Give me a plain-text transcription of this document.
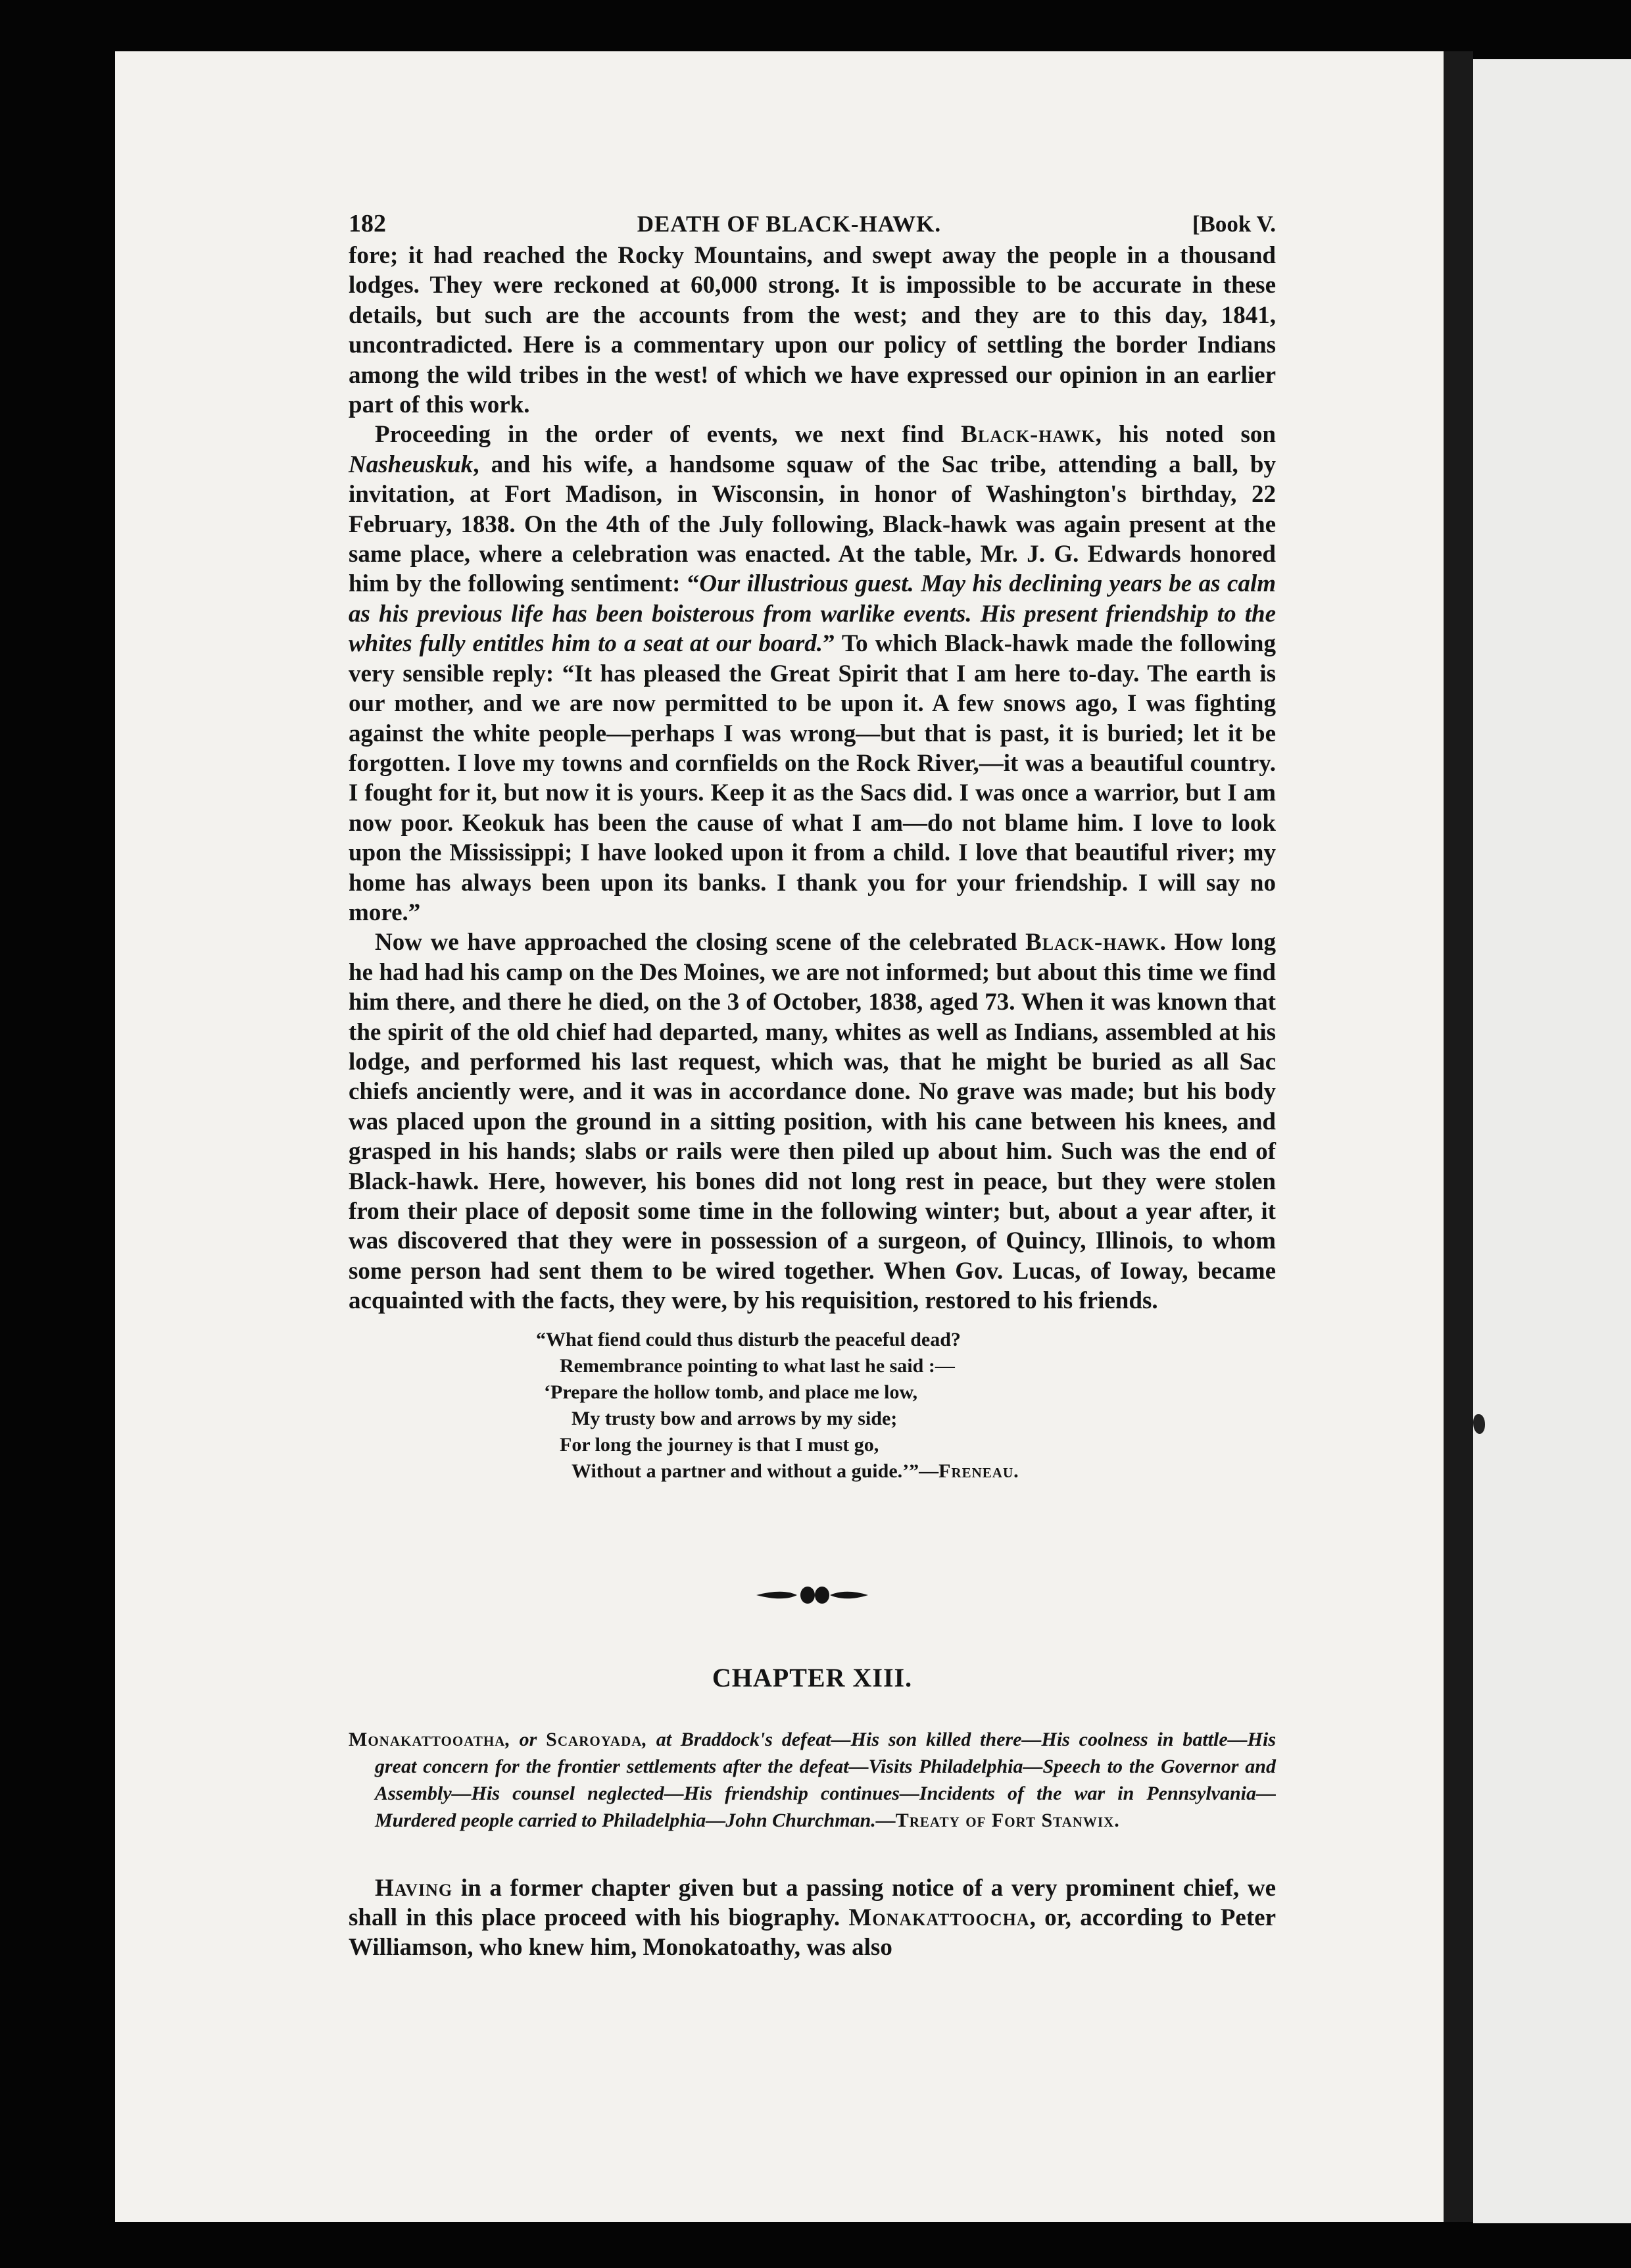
182	DEATH OF BLACK-HAWK.	[Book V.

fore; it had reached the Rocky Mountains, and swept away the people in a thousand lodges. They were reckoned at 60,000 strong. It is impossible to be accurate in these details, but such are the accounts from the west; and they are to this day, 1841, uncontradicted. Here is a commentary upon our policy of settling the border Indians among the wild tribes in the west! of which we have expressed our opinion in an earlier part of this work.

Proceeding in the order of events, we next find Black-hawk, his noted son Nasheuskuk, and his wife, a handsome squaw of the Sac tribe, attending a ball, by invitation, at Fort Madison, in Wisconsin, in honor of Washington's birthday, 22 February, 1838. On the 4th of the July following, Black-hawk was again present at the same place, where a celebration was enacted. At the table, Mr. J. G. Edwards honored him by the following sentiment: “Our illustrious guest. May his declining years be as calm as his previous life has been boisterous from warlike events. His present friendship to the whites fully entitles him to a seat at our board.” To which Black-hawk made the following very sensible reply: “It has pleased the Great Spirit that I am here to-day. The earth is our mother, and we are now permitted to be upon it. A few snows ago, I was fighting against the white people—perhaps I was wrong—but that is past, it is buried; let it be forgotten. I love my towns and cornfields on the Rock River,—it was a beautiful country. I fought for it, but now it is yours. Keep it as the Sacs did. I was once a warrior, but I am now poor. Keokuk has been the cause of what I am—do not blame him. I love to look upon the Mississippi; I have looked upon it from a child. I love that beautiful river; my home has always been upon its banks. I thank you for your friendship. I will say no more.”

Now we have approached the closing scene of the celebrated Black-hawk. How long he had had his camp on the Des Moines, we are not informed; but about this time we find him there, and there he died, on the 3 of October, 1838, aged 73. When it was known that the spirit of the old chief had departed, many, whites as well as Indians, assembled at his lodge, and performed his last request, which was, that he might be buried as all Sac chiefs anciently were, and it was in accordance done. No grave was made; but his body was placed upon the ground in a sitting position, with his cane between his knees, and grasped in his hands; slabs or rails were then piled up about him. Such was the end of Black-hawk. Here, however, his bones did not long rest in peace, but they were stolen from their place of deposit some time in the following winter; but, about a year after, it was discovered that they were in possession of a surgeon, of Quincy, Illinois, to whom some person had sent them to be wired together. When Gov. Lucas, of Ioway, became acquainted with the facts, they were, by his requisition, restored to his friends.

“What fiend could thus disturb the peaceful dead?
Remembrance pointing to what last he said :—
‘Prepare the hollow tomb, and place me low,
My trusty bow and arrows by my side;
For long the journey is that I must go,
Without a partner and without a guide.’”—Freneau.
CHAPTER XIII.
Monakattooatha, or Scaroyada, at Braddock's defeat—His son killed there—His coolness in battle—His great concern for the frontier settlements after the defeat—Visits Philadelphia—Speech to the Governor and Assembly—His counsel neglected—His friendship continues—Incidents of the war in Pennsylvania—Murdered people carried to Philadelphia—John Churchman.—Treaty of Fort Stanwix.

Having in a former chapter given but a passing notice of a very prominent chief, we shall in this place proceed with his biography. Monakattoocha, or, according to Peter Williamson, who knew him, Monokatoathy, was also
